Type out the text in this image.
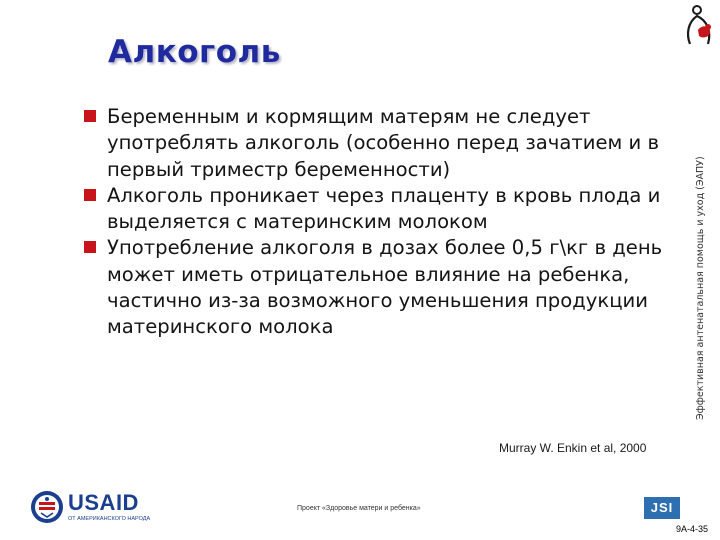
Алкоголь
Беременным и кормящим матерям не следует употреблять алкоголь (особенно перед зачатием и в первый триместр беременности)
Алкоголь проникает через плаценту в кровь плода и выделяется с материнским молоком
Употребление алкоголя в дозах более 0,5 г\кг в день может иметь отрицательное влияние на ребенка, частично из-за возможного уменьшения продукции материнского молока	Эффективная антенатальная помощь и уход (ЭАПУ)
Murray W. Enkin et al, 2000
USAID
ОТ АМЕРИКАНСКОГО НАРОДА
Проект «Здоровье матери и ребенка»	JSI
9A-4-35
